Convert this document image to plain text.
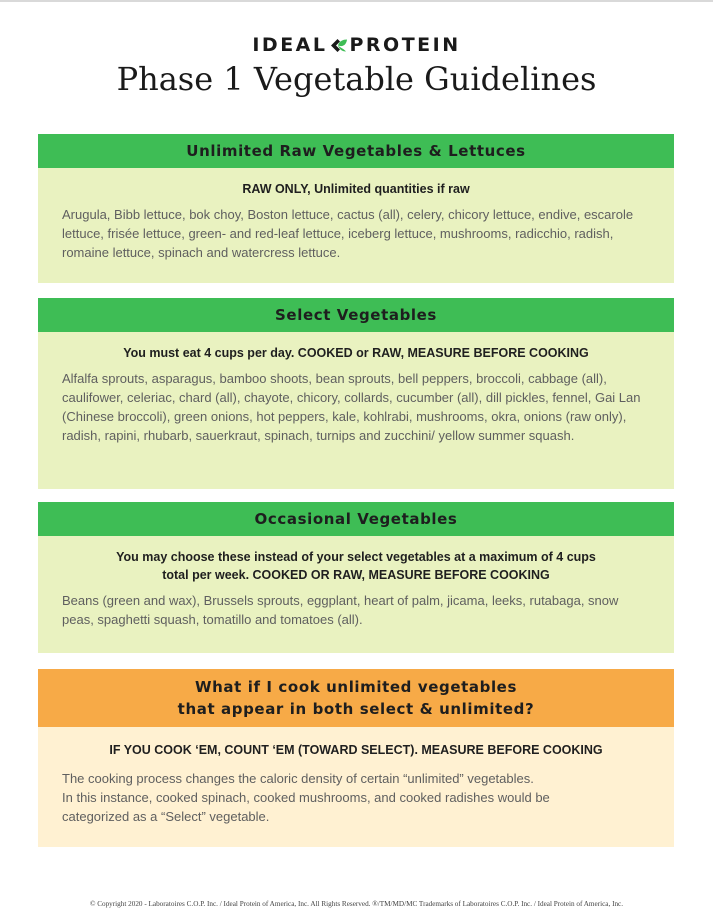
IDEAL PROTEIN
Phase 1 Vegetable Guidelines
Unlimited Raw Vegetables & Lettuces
RAW ONLY, Unlimited quantities if raw
Arugula, Bibb lettuce, bok choy, Boston lettuce, cactus (all), celery, chicory lettuce, endive, escarole lettuce, frisée lettuce, green- and red-leaf lettuce, iceberg lettuce, mushrooms, radicchio, radish, romaine lettuce, spinach and watercress lettuce.
Select Vegetables
You must eat 4 cups per day. COOKED or RAW, MEASURE BEFORE COOKING
Alfalfa sprouts, asparagus, bamboo shoots, bean sprouts, bell peppers, broccoli, cabbage (all), caulifower, celeriac, chard (all), chayote, chicory, collards, cucumber (all), dill pickles, fennel, Gai Lan (Chinese broccoli), green onions, hot peppers, kale, kohlrabi, mushrooms, okra, onions (raw only), radish, rapini, rhubarb, sauerkraut, spinach, turnips and zucchini/ yellow summer squash.
Occasional Vegetables
You may choose these instead of your select vegetables at a maximum of 4 cups
total per week. COOKED OR RAW, MEASURE BEFORE COOKING
Beans (green and wax), Brussels sprouts, eggplant, heart of palm, jicama, leeks, rutabaga, snow peas, spaghetti squash, tomatillo and tomatoes (all).
What if I cook unlimited vegetables
that appear in both select & unlimited?
IF YOU COOK ‘EM, COUNT ‘EM (TOWARD SELECT). MEASURE BEFORE COOKING
The cooking process changes the caloric density of certain “unlimited” vegetables.
In this instance, cooked spinach, cooked mushrooms, and cooked radishes would be
categorized as a “Select” vegetable.
© Copyright 2020 - Laboratoires C.O.P. Inc. / Ideal Protein of America, Inc. All Rights Reserved. ®/TM/MD/MC Trademarks of Laboratoires C.O.P. Inc. / Ideal Protein of America, Inc.
